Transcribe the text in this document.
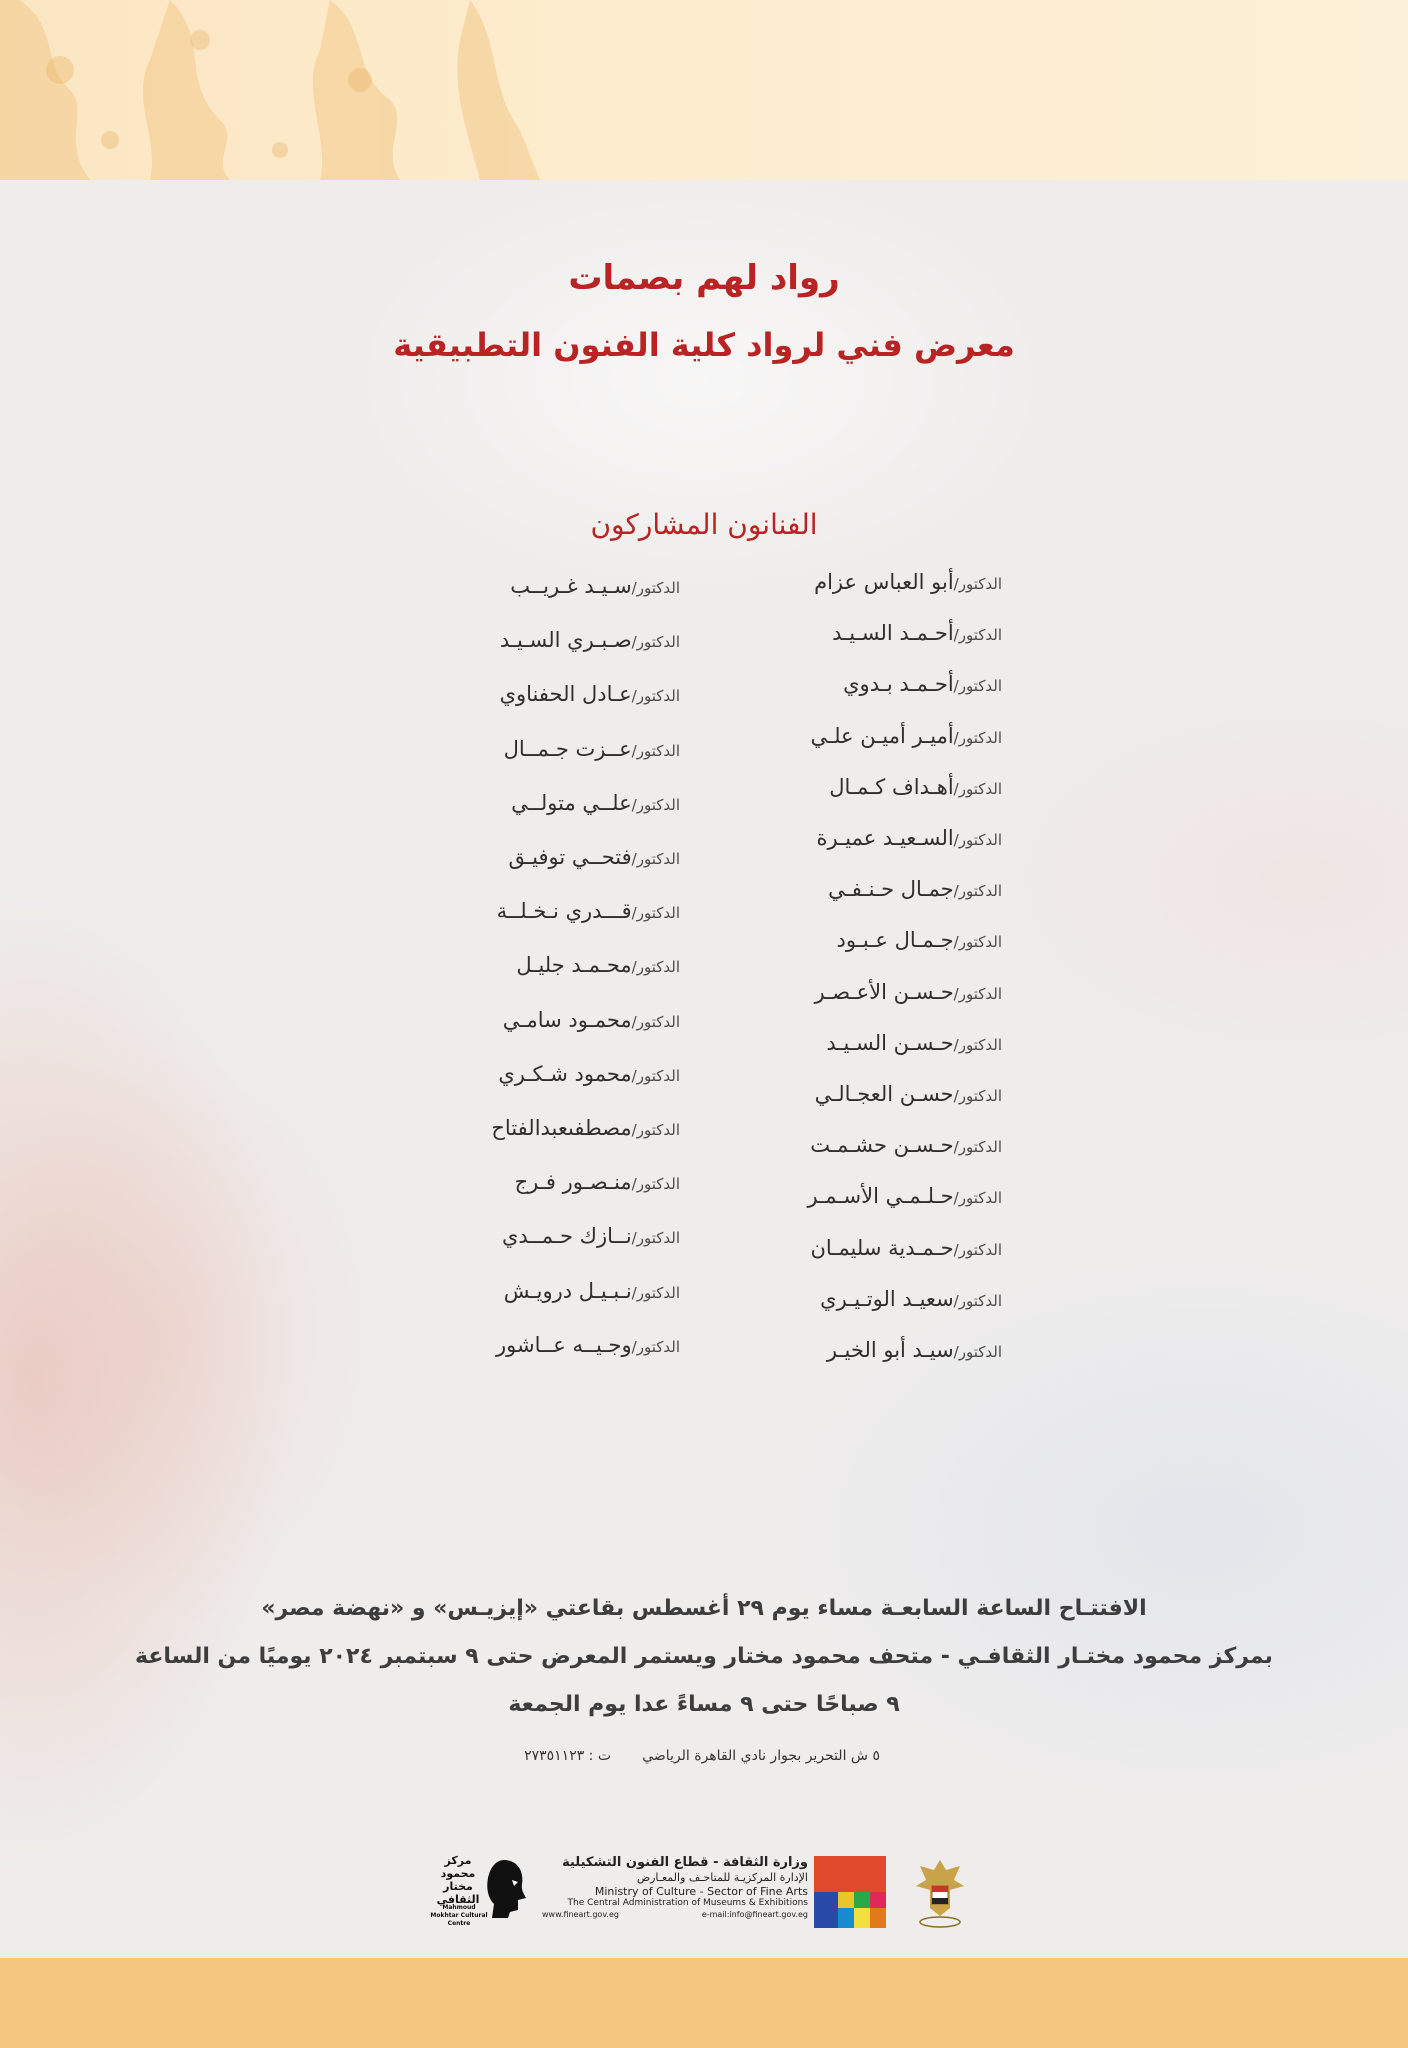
رواد لهم بصمات
معرض فني لرواد كلية الفنون التطبيقية
الفنانون المشاركون
الدكتور/أبو العباس عزام
الدكتور/أحـمـد السـيـد
الدكتور/أحـمـد بـدوي
الدكتور/أميـر أميـن علـي
الدكتور/أهـداف كـمـال
الدكتور/السـعيـد عميـرة
الدكتور/جمـال حـنـفـي
الدكتور/جـمـال عـبـود
الدكتور/حـسـن الأعـصـر
الدكتور/حـسـن السـيـد
الدكتور/حسـن العجـالـي
الدكتور/حـسـن حشـمـت
الدكتور/حـلـمـي الأسـمـر
الدكتور/حـمـدية سليمـان
الدكتور/سعيـد الوتـيـري
الدكتور/سيـد أبو الخيـر
الدكتور/سـيـد غـريــب
الدكتور/صـبـري السـيـد
الدكتور/عـادل الحفناوي
الدكتور/عــزت جـمــال
الدكتور/علــي متولــي
الدكتور/فتحــي توفيـق
الدكتور/قـــدري نـخـلــة
الدكتور/محـمـد جليـل
الدكتور/محمـود سامـي
الدكتور/محمود شـكـري
الدكتور/مصطفىعبدالفتاح
الدكتور/منـصـور فـرج
الدكتور/نــازك حـمــدي
الدكتور/نـبـيـل درويـش
الدكتور/وجـيــه عــاشور
الافتتـاح الساعة السابعـة مساء يوم ٢٩ أغسطس بقاعتي «إيزيـس» و «نهضة مصر»
بمركز محمود مختـار الثقافـي - متحف محمود مختار ويستمر المعرض حتى ٩ سبتمبر ٢٠٢٤ يوميًا من الساعة
٩ صباحًا حتى ٩ مساءً عدا يوم الجمعة
٥ ش التحرير بجوار نادي القاهرة الرياضي       ت : ٢٧٣٥١١٢٣
وزارة الثقافة - قطاع الفنون التشكيلية
الإدارة المركزيـة للمتاحـف والمعـارض
Ministry of Culture - Sector of Fine Arts
The Central Administration of Museums & Exhibitions
www.fineart.gov.eg	e-mail:info@fineart.gov.eg
مركز محمود مختار الثقافي
Mahmoud Mokhtar Cultural Centre
